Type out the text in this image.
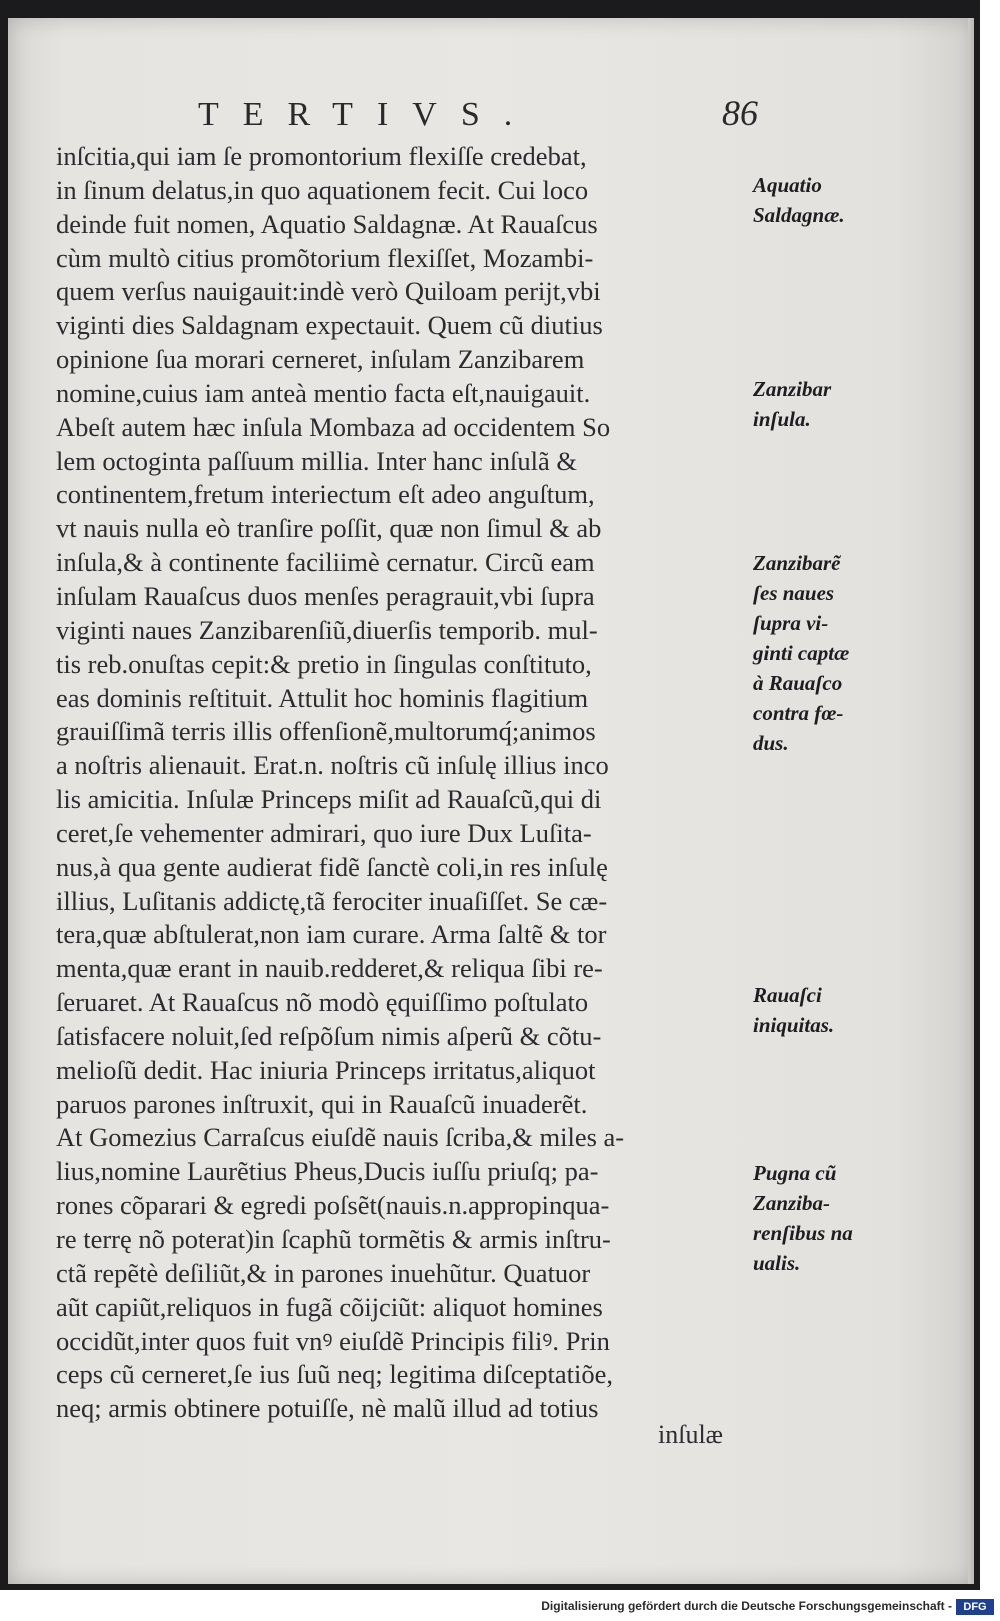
TERTIVS.	86
inſcitia,qui iam ſe promontorium flexiſſe credebat,
in ſinum delatus,in quo aquationem fecit. Cui loco
deinde fuit nomen, Aquatio Saldagnæ. At Rauaſcus
cùm multò citius promõtorium flexiſſet, Mozambi-
quem verſus nauigauit:indè verò Quiloam perijt,vbi
viginti dies Saldagnam expectauit. Quem cũ diutius
opinione ſua morari cerneret, inſulam Zanzibarem
nomine,cuius iam anteà mentio facta eſt,nauigauit.
Abeſt autem hæc inſula Mombaza ad occidentem So
lem octoginta paſſuum millia. Inter hanc inſulã &
continentem,fretum interiectum eſt adeo anguſtum,
vt nauis nulla eò tranſire poſſit, quæ non ſimul & ab
inſula,& à continente faciliimè cernatur. Circũ eam
inſulam Rauaſcus duos menſes peragrauit,vbi ſupra
viginti naues Zanzibarenſiũ,diuerſis temporib. mul-
tis reb.onuſtas cepit:& pretio in ſingulas conſtituto,
eas dominis reſtituit. Attulit hoc hominis flagitium
grauiſſimã terris illis offenſionẽ,multorumq́;animos
a noſtris alienauit. Erat.n. noſtris cũ inſulę illius inco
lis amicitia. Inſulæ Princeps miſit ad Rauaſcũ,qui di
ceret,ſe vehementer admirari, quo iure Dux Luſita-
nus,à qua gente audierat fidẽ ſanctè coli,in res inſulę
illius, Luſitanis addictę,tã ferociter inuaſiſſet. Se cæ-
tera,quæ abſtulerat,non iam curare. Arma ſaltẽ & tor
menta,quæ erant in nauib.redderet,& reliqua ſibi re-
ſeruaret. At Rauaſcus nõ modò ęquiſſimo poſtulato
ſatisfacere noluit,ſed reſpõſum nimis aſperũ & cõtu-
melioſũ dedit. Hac iniuria Princeps irritatus,aliquot
paruos parones inſtruxit, qui in Rauaſcũ inuaderẽt.
At Gomezius Carraſcus eiuſdẽ nauis ſcriba,& miles a-
lius,nomine Laurẽtius Pheus,Ducis iuſſu priuſq; pa-
rones cõparari & egredi poſsẽt(nauis.n.appropinqua-
re terrę nõ poterat)in ſcaphũ tormẽtis & armis inſtru-
ctã repẽtè deſiliũt,& in parones inuehũtur. Quatuor
aũt capiũt,reliquos in fugã cõijciũt: aliquot homines
occidũt,inter quos fuit vnꝰ eiuſdẽ Principis filiꝰ. Prin
ceps cũ cerneret,ſe ius ſuũ neq; legitima diſceptatiõe,
neq; armis obtinere potuiſſe, nè malũ illud ad totius
inſulæ
Aquatio
Saldagnæ.
Zanzibar
inſula.
Zanzibarẽ
ſes naues
ſupra vi-
ginti captæ
à Rauaſco
contra fœ-
dus.
Rauaſci
iniquitas.
Pugna cũ
Zanziba-
renſibus na
ualis.
Digitalisierung gefördert durch die Deutsche Forschungsgemeinschaft -	DFG
